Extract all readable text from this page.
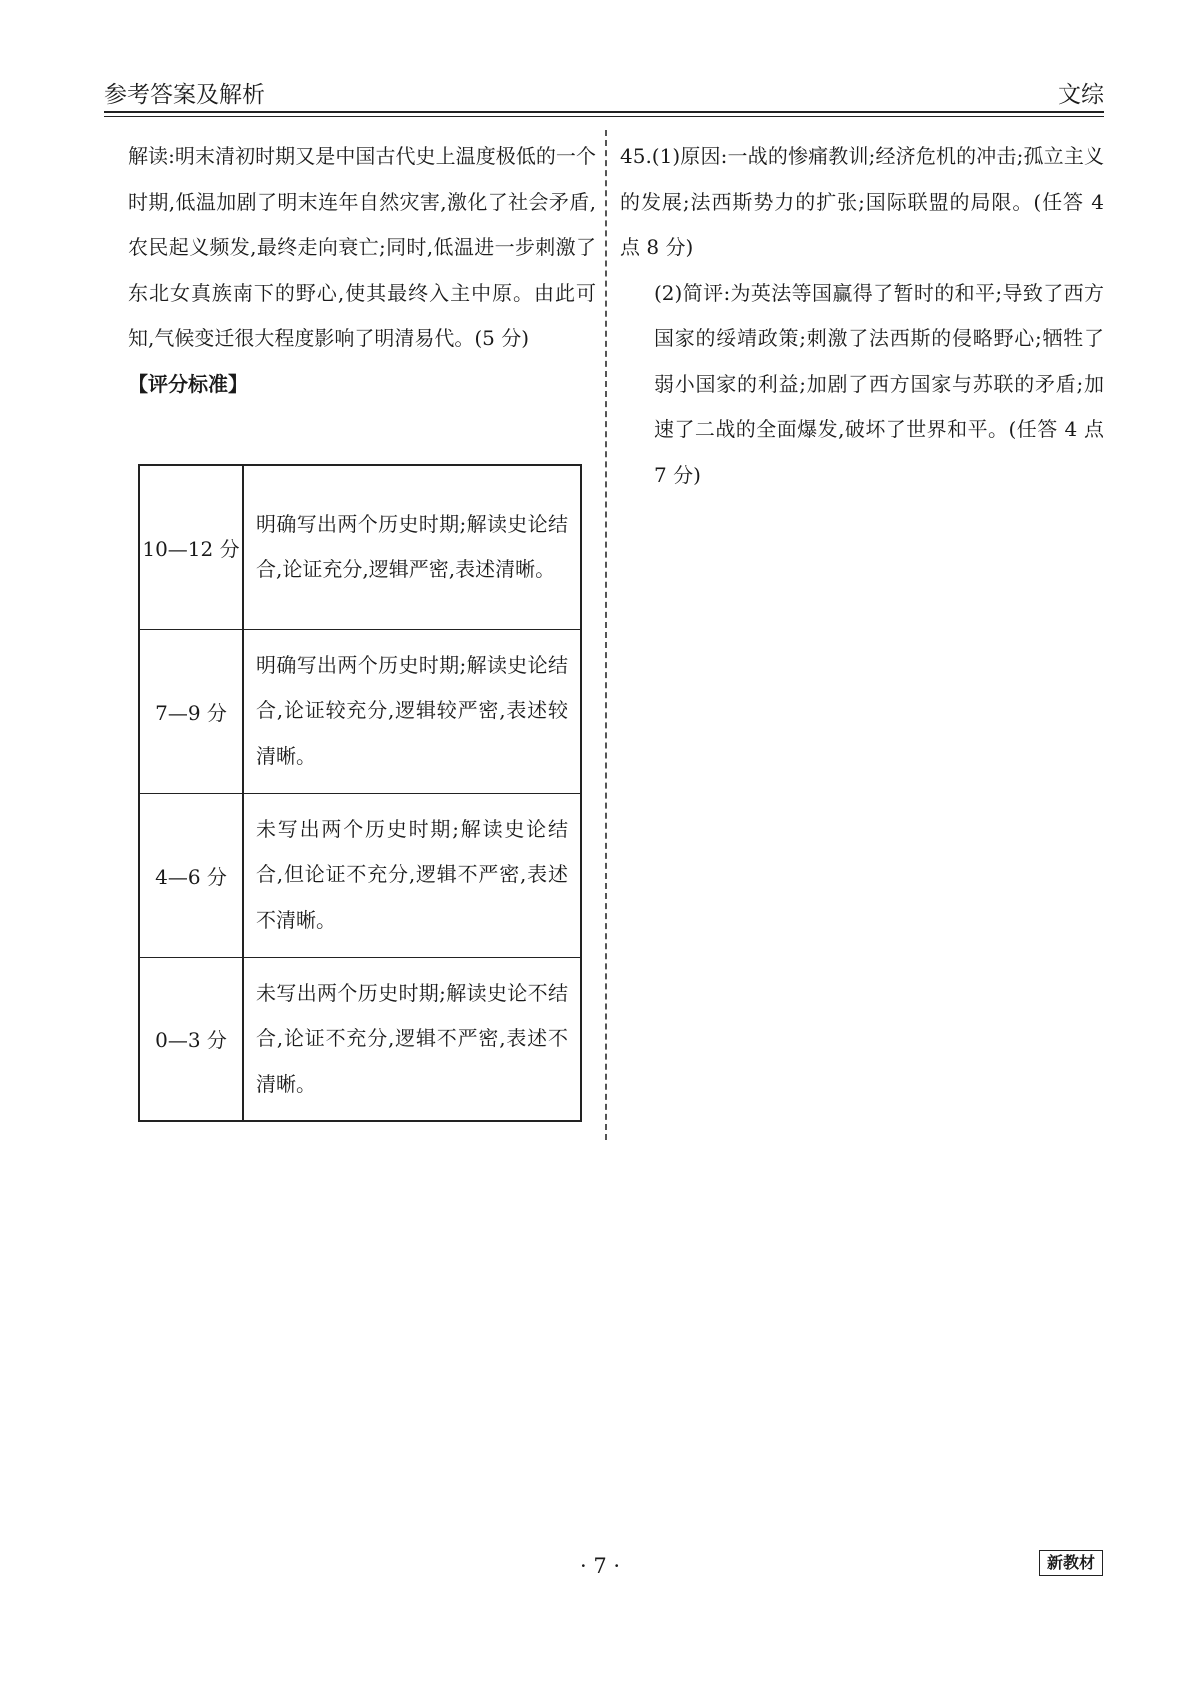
参考答案及解析	文综

解读:明末清初时期又是中国古代史上温度极低的一个时期,低温加剧了明末连年自然灾害,激化了社会矛盾,农民起义频发,最终走向衰亡;同时,低温进一步刺激了东北女真族南下的野心,使其最终入主中原。由此可知,气候变迁很大程度影响了明清易代。(5 分)

【评分标准】

10—12 分	明确写出两个历史时期;解读史论结合,论证充分,逻辑严密,表述清晰。
7—9 分	明确写出两个历史时期;解读史论结合,论证较充分,逻辑较严密,表述较清晰。
4—6 分	未写出两个历史时期;解读史论结合,但论证不充分,逻辑不严密,表述不清晰。
0—3 分	未写出两个历史时期;解读史论不结合,论证不充分,逻辑不严密,表述不清晰。

45.(1)原因:一战的惨痛教训;经济危机的冲击;孤立主义的发展;法西斯势力的扩张;国际联盟的局限。(任答 4 点 8 分)

(2)简评:为英法等国赢得了暂时的和平;导致了西方国家的绥靖政策;刺激了法西斯的侵略野心;牺牲了弱小国家的利益;加剧了西方国家与苏联的矛盾;加速了二战的全面爆发,破坏了世界和平。(任答 4 点 7 分)

· 7 ·	新教材
